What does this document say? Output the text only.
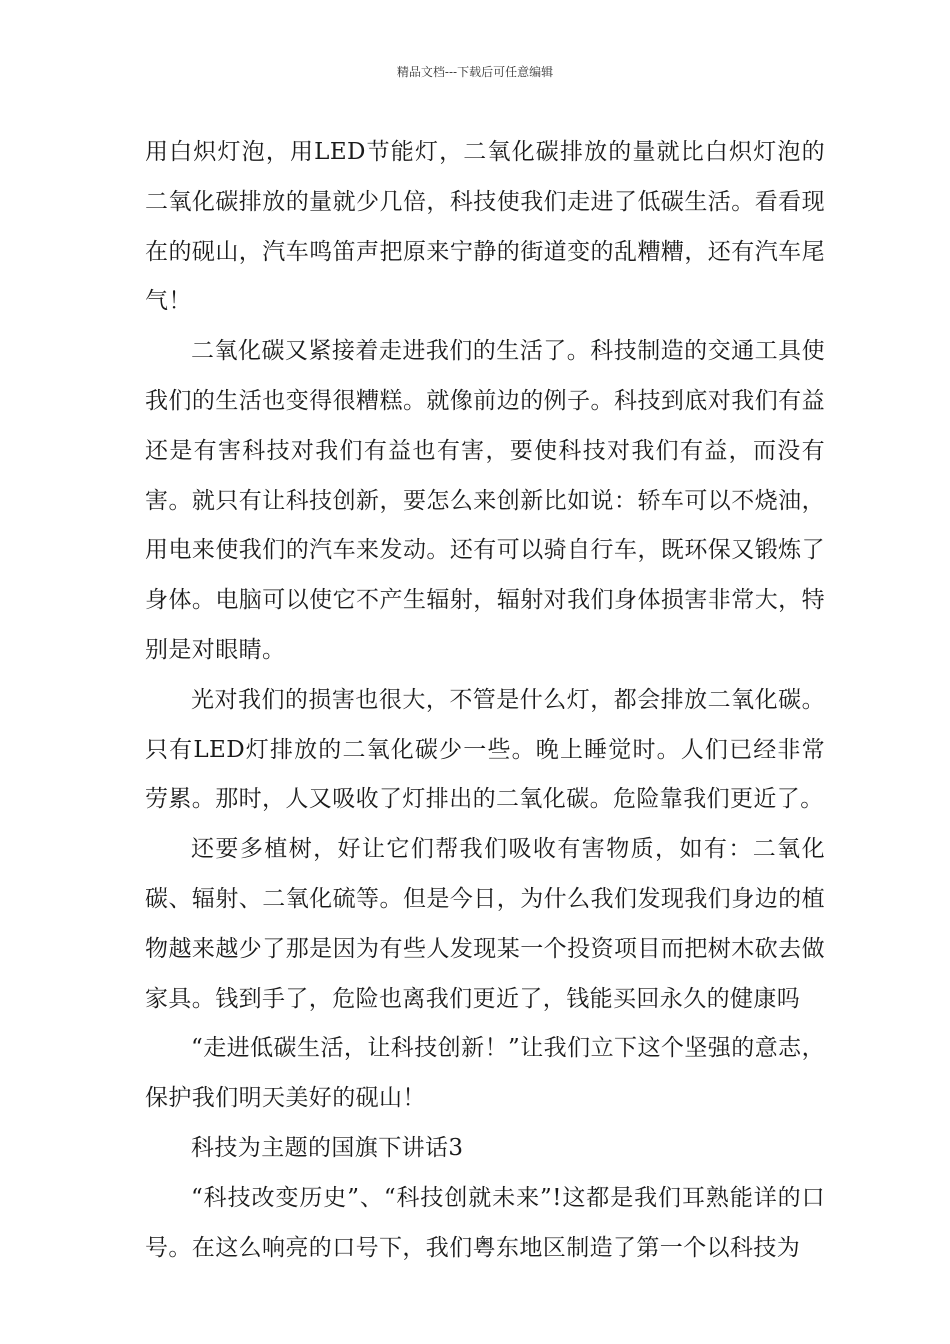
精品文档---下载后可任意编辑

用白炽灯泡，用LED节能灯，二氧化碳排放的量就比白炽灯泡的二氧化碳排放的量就少几倍，科技使我们走进了低碳生活。看看现在的砚山，汽车鸣笛声把原来宁静的街道变的乱糟糟，还有汽车尾气！

二氧化碳又紧接着走进我们的生活了。科技制造的交通工具使我们的生活也变得很糟糕。就像前边的例子。科技到底对我们有益还是有害科技对我们有益也有害，要使科技对我们有益，而没有害。就只有让科技创新，要怎么来创新比如说：轿车可以不烧油，用电来使我们的汽车来发动。还有可以骑自行车，既环保又锻炼了身体。电脑可以使它不产生辐射，辐射对我们身体损害非常大，特别是对眼睛。

光对我们的损害也很大，不管是什么灯，都会排放二氧化碳。只有LED灯排放的二氧化碳少一些。晚上睡觉时。人们已经非常劳累。那时，人又吸收了灯排出的二氧化碳。危险靠我们更近了。

还要多植树，好让它们帮我们吸收有害物质，如有：二氧化碳、辐射、二氧化硫等。但是今日，为什么我们发现我们身边的植物越来越少了那是因为有些人发现某一个投资项目而把树木砍去做家具。钱到手了，危险也离我们更近了，钱能买回永久的健康吗

“走进低碳生活，让科技创新！”让我们立下这个坚强的意志，保护我们明天美好的砚山！

科技为主题的国旗下讲话3

“科技改变历史”、“科技创就未来”!这都是我们耳熟能详的口号。在这么响亮的口号下，我们粤东地区制造了第一个以科技为
